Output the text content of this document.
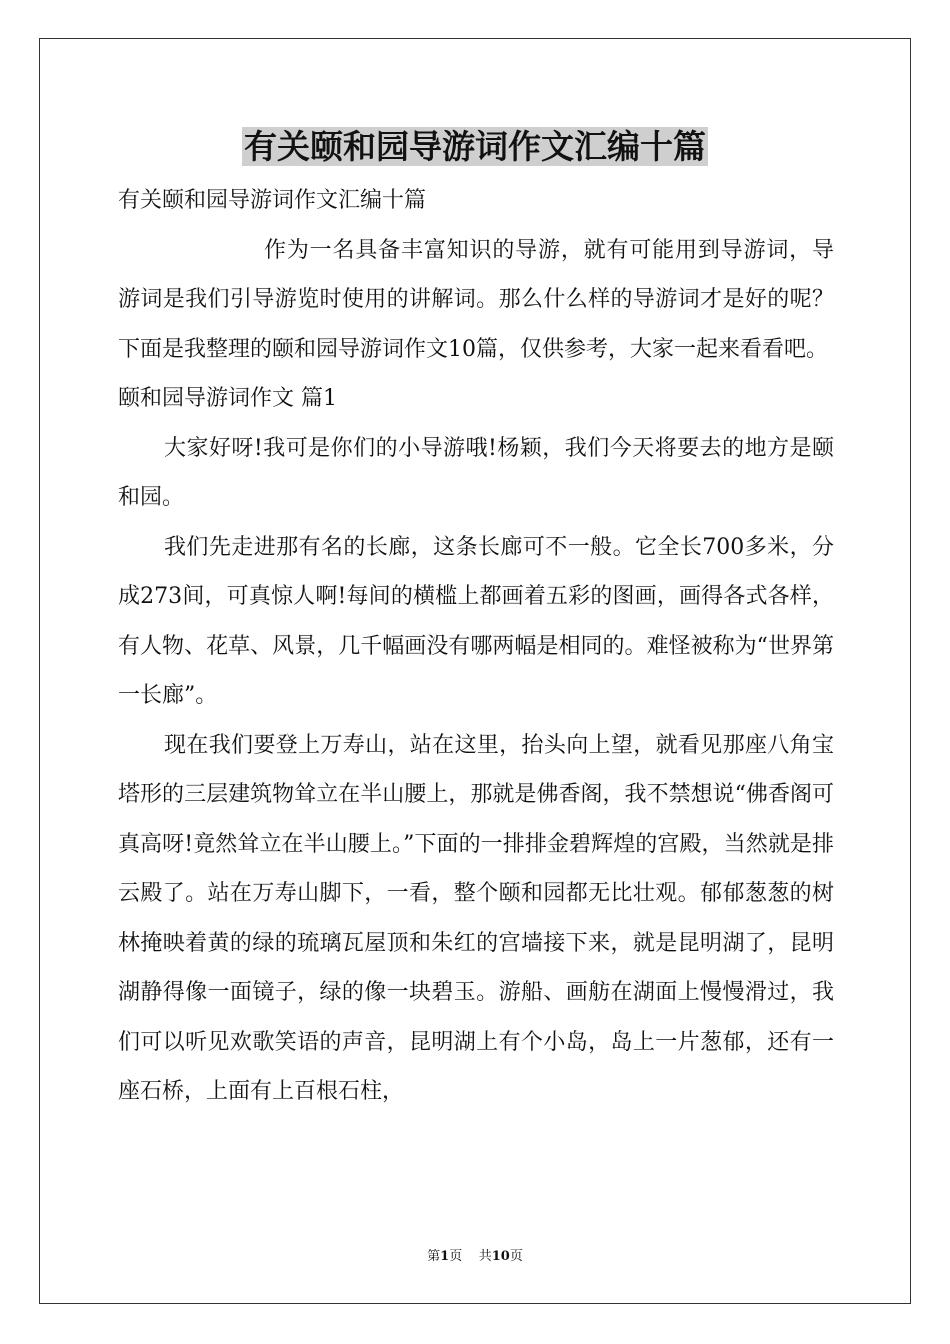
有关颐和园导游词作文汇编十篇

有关颐和园导游词作文汇编十篇

作为一名具备丰富知识的导游，就有可能用到导游词，导游词是我们引导游览时使用的讲解词。那么什么样的导游词才是好的呢？下面是我整理的颐和园导游词作文10篇，仅供参考，大家一起来看看吧。

颐和园导游词作文 篇1

大家好呀!我可是你们的小导游哦!杨颖，我们今天将要去的地方是颐和园。

我们先走进那有名的长廊，这条长廊可不一般。它全长700多米，分成273间，可真惊人啊!每间的横槛上都画着五彩的图画，画得各式各样，有人物、花草、风景，几千幅画没有哪两幅是相同的。难怪被称为“世界第一长廊”。

现在我们要登上万寿山，站在这里，抬头向上望，就看见那座八角宝塔形的三层建筑物耸立在半山腰上，那就是佛香阁，我不禁想说“佛香阁可真高呀!竟然耸立在半山腰上。”下面的一排排金碧辉煌的宫殿，当然就是排云殿了。站在万寿山脚下，一看，整个颐和园都无比壮观。郁郁葱葱的树林掩映着黄的绿的琉璃瓦屋顶和朱红的宫墙接下来，就是昆明湖了，昆明湖静得像一面镜子，绿的像一块碧玉。游船、画舫在湖面上慢慢滑过，我们可以听见欢歌笑语的声音，昆明湖上有个小岛，岛上一片葱郁，还有一座石桥，上面有上百根石柱，

第1页 共10页
